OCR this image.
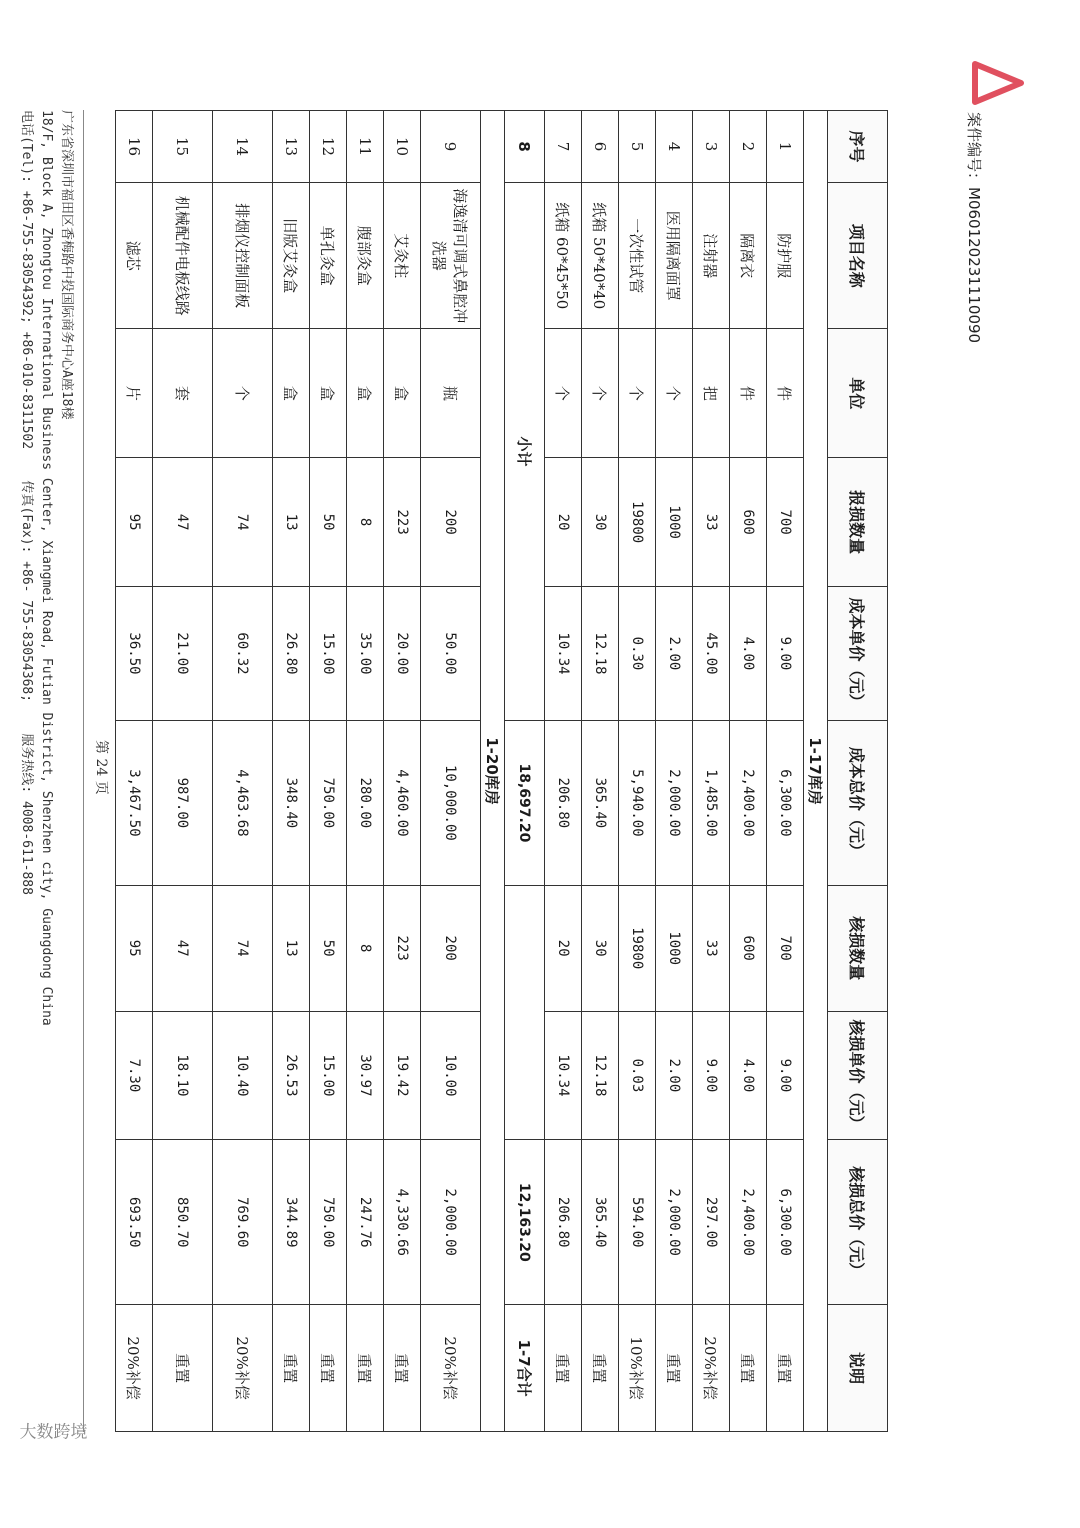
案件编号：M060120231110090
序号	项目名称	单位	报损数量	成本单价（元）	成本总价（元）	核损数量	核损单价（元）	核损总价（元）	说明
1-17库房									
1	防护服	件	700	9.00	6,300.00	700	9.00	6,300.00	重置
2	隔离衣	件	600	4.00	2,400.00	600	4.00	2,400.00	重置
3	注射器	把	33	45.00	1,485.00	33	9.00	297.00	20%补偿
4	医用隔离面罩	个	1000	2.00	2,000.00	1000	2.00	2,000.00	重置
5	一次性试管	个	19800	0.30	5,940.00	19800	0.03	594.00	10%补偿
6	纸箱 50*40*40	个	30	12.18	365.40	30	12.18	365.40	重置
7	纸箱 60*45*50	个	20	10.34	206.80	20	10.34	206.80	重置
8	小计				18,697.20			12,163.20	1-7合计
1-20库房									
9	海逸清可调式鼻腔冲洗器	瓶	200	50.00	10,000.00	200	10.00	2,000.00	20%补偿
10	艾灸柱	盒	223	20.00	4,460.00	223	19.42	4,330.66	重置
11	腹部灸盒	盒	8	35.00	280.00	8	30.97	247.76	重置
12	单孔灸盒	盒	50	15.00	750.00	50	15.00	750.00	重置
13	旧版艾灸盒	盒	13	26.80	348.40	13	26.53	344.89	重置
14	排烟仪控制面板	个	74	60.32	4,463.68	74	10.40	769.60	20%补偿
15	机械配件电板线路	套	47	21.00	987.00	47	18.10	850.70	重置
16	滤芯	片	95	36.50	3,467.50	95	7.30	693.50	20%补偿
第 24 页
广东省深圳市福田区香梅路中投国际商务中心A座18楼
18/F, Block A, Zhongtou International Business Center, Xiangmei Road, Futian District, Shenzhen city, Guangdong China
电话(Tel): +86-755-83054392; +86-010-8311502    传真(Fax): +86- 755-83054368;    服务热线: 4008-611-888
大数跨境
